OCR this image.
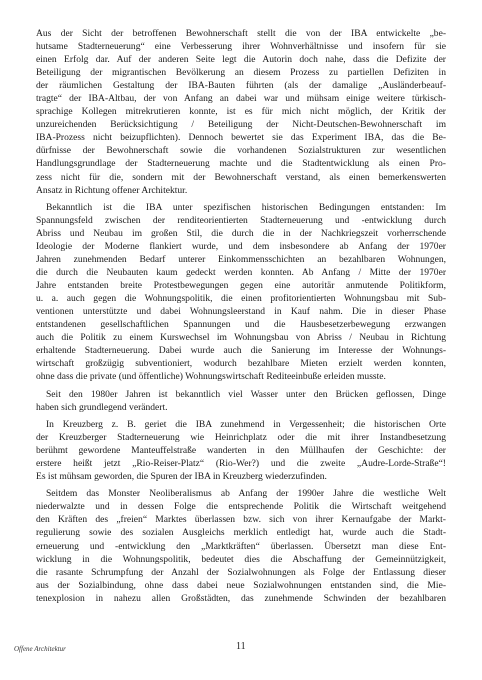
Aus der Sicht der betroffenen Bewohnerschaft stellt die von der IBA entwickelte „be-
hutsame Stadterneuerung“ eine Verbesserung ihrer Wohnverhältnisse und insofern für sie
einen Erfolg dar. Auf der anderen Seite legt die Autorin doch nahe, dass die Defizite der
Beteiligung der migrantischen Bevölkerung an diesem Prozess zu partiellen Defiziten in
der räumlichen Gestaltung der IBA-Bauten führten (als der damalige „Ausländerbeauf-
tragte“ der IBA-Altbau, der von Anfang an dabei war und mühsam einige weitere türkisch-
sprachige Kollegen mitrekrutieren konnte, ist es für mich nicht möglich, der Kritik der
unzureichenden Berücksichtigung / Beteiligung der Nicht-Deutschen-Bewohnerschaft im
IBA-Prozess nicht beizupflichten). Dennoch bewertet sie das Experiment IBA, das die Be-
dürfnisse der Bewohnerschaft sowie die vorhandenen Sozialstrukturen zur wesentlichen
Handlungsgrundlage der Stadterneuerung machte und die Stadtentwicklung als einen Pro-
zess nicht für die, sondern mit der Bewohnerschaft verstand, als einen bemerkenswerten
Ansatz in Richtung offener Architektur.

Bekanntlich ist die IBA unter spezifischen historischen Bedingungen entstanden: Im
Spannungsfeld zwischen der renditeorientierten Stadterneuerung und -entwicklung durch
Abriss und Neubau im großen Stil, die durch die in der Nachkriegszeit vorherrschende
Ideologie der Moderne flankiert wurde, und dem insbesondere ab Anfang der 1970er
Jahren zunehmenden Bedarf unterer Einkommensschichten an bezahlbaren Wohnungen,
die durch die Neubauten kaum gedeckt werden konnten. Ab Anfang / Mitte der 1970er
Jahre entstanden breite Protestbewegungen gegen eine autoritär anmutende Politikform,
u. a. auch gegen die Wohnungspolitik, die einen profitorientierten Wohnungsbau mit Sub-
ventionen unterstützte und dabei Wohnungsleerstand in Kauf nahm. Die in dieser Phase
entstandenen gesellschaftlichen Spannungen und die Hausbesetzerbewegung erzwangen
auch die Politik zu einem Kurswechsel im Wohnungsbau von Abriss / Neubau in Richtung
erhaltende Stadterneuerung. Dabei wurde auch die Sanierung im Interesse der Wohnungs-
wirtschaft großzügig subventioniert, wodurch bezahlbare Mieten erzielt werden konnten,
ohne dass die private (und öffentliche) Wohnungswirtschaft Rediteeinbuße erleiden musste.

Seit den 1980er Jahren ist bekanntlich viel Wasser unter den Brücken geflossen, Dinge
haben sich grundlegend verändert.

In Kreuzberg z. B. geriet die IBA zunehmend in Vergessenheit; die historischen Orte
der Kreuzberger Stadterneuerung wie Heinrichplatz oder die mit ihrer Instandbesetzung
berühmt gewordene Manteuffelstraße wanderten in den Müllhaufen der Geschichte: der
erstere heißt jetzt „Rio-Reiser-Platz“ (Rio-Wer?) und die zweite „Audre-Lorde-Straße“!
Es ist mühsam geworden, die Spuren der IBA in Kreuzberg wiederzufinden.

Seitdem das Monster Neoliberalismus ab Anfang der 1990er Jahre die westliche Welt
niederwalzte und in dessen Folge die entsprechende Politik die Wirtschaft weitgehend
den Kräften des „freien“ Marktes überlassen bzw. sich von ihrer Kernaufgabe der Markt-
regulierung sowie des sozialen Ausgleichs merklich entledigt hat, wurde auch die Stadt-
erneuerung und -entwicklung den „Marktkräften“ überlassen. Übersetzt man diese Ent-
wicklung in die Wohnungspolitik, bedeutet dies die Abschaffung der Gemeinnützigkeit,
die rasante Schrumpfung der Anzahl der Sozialwohnungen als Folge der Entlassung dieser
aus der Sozialbindung, ohne dass dabei neue Sozialwohnungen entstanden sind, die Mie-
tenexplosion in nahezu allen Großstädten, das zunehmende Schwinden der bezahlbaren

Offene Architektur	11
